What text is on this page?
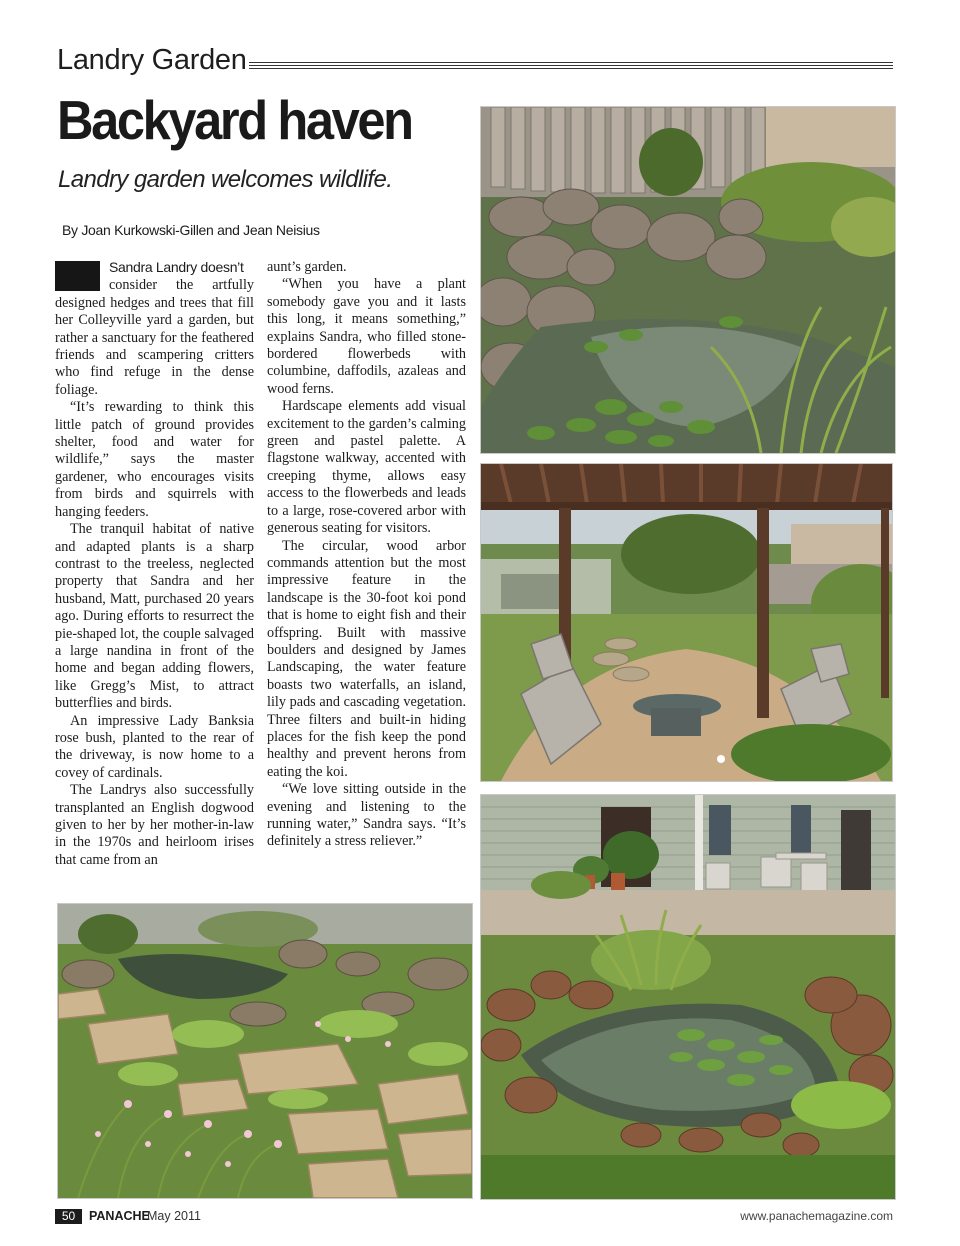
Landry Garden
Backyard haven

Landry garden welcomes wildlife.

By Joan Kurkowski-Gillen and Jean Neisius

Sandra Landry doesn’t
consider the artfully designed hedges and trees that fill her Colleyville yard a garden, but rather a sanctuary for the feathered friends and scampering critters who find refuge in the dense foliage.

“It’s rewarding to think this little patch of ground provides shelter, food and water for wildlife,” says the master gardener, who encourages visits from birds and squirrels with hanging feeders.

The tranquil habitat of native and adapted plants is a sharp contrast to the treeless, neglected property that Sandra and her husband, Matt, purchased 20 years ago. During efforts to resurrect the pie-shaped lot, the couple salvaged a large nandina in front of the home and began adding flowers, like Gregg’s Mist, to attract butterflies and birds.

An impressive Lady Banksia rose bush, planted to the rear of the driveway, is now home to a covey of cardinals.

The Landrys also successfully transplanted an English dogwood given to her by her mother-in-law in the 1970s and heirloom irises that came from an

aunt’s garden.

“When you have a plant somebody gave you and it lasts this long, it means something,” explains Sandra, who filled stone-bordered flowerbeds with columbine, daffodils, azaleas and wood ferns.

Hardscape elements add visual excitement to the garden’s calming green and pastel palette. A flagstone walkway, accented with creeping thyme, allows easy access to the flowerbeds and leads to a large, rose-covered arbor with generous seating for visitors.

The circular, wood arbor commands attention but the most impressive feature in the landscape is the 30-foot koi pond that is home to eight fish and their offspring. Built with massive boulders and designed by James Landscaping, the water feature boasts two waterfalls, an island, lily pads and cascading vegetation. Three filters and built-in hiding places for the fish keep the pond healthy and prevent herons from eating the koi.

“We love sitting outside in the evening and listening to the running water,” Sandra says. “It’s definitely a stress reliever.”

50	PANACHE
May 2011	www.panachemagazine.com
